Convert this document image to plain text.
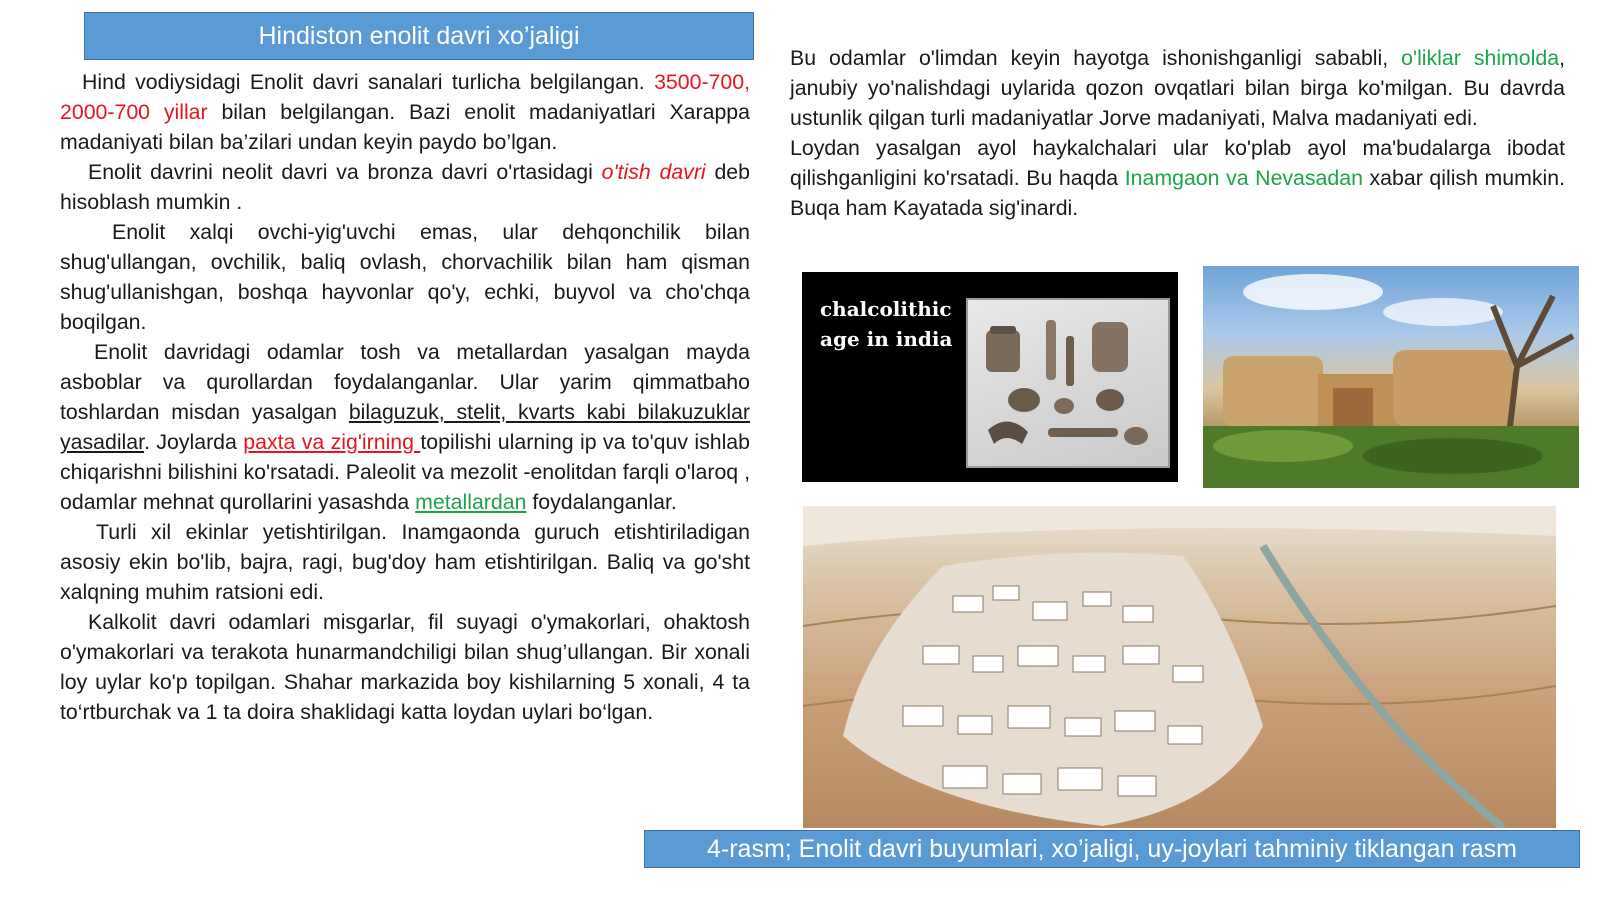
Hindiston enolit davri xo’jaligi

Hind vodiysidagi Enolit davri sanalari turlicha belgilangan. 3500-700, 2000-700 yillar bilan belgilangan. Bazi enolit madaniyatlari Xarappa madaniyati bilan ba’zilari undan keyin paydo bo’lgan.

Enolit davrini neolit davri va bronza davri o'rtasidagi o'tish davri deb hisoblash mumkin .

Enolit xalqi ovchi-yig'uvchi emas, ular dehqonchilik bilan shug'ullangan, ovchilik, baliq ovlash, chorvachilik bilan ham qisman shug'ullanishgan, boshqa hayvonlar qo'y, echki, buyvol va cho'chqa boqilgan.

Enolit davridagi odamlar tosh va metallardan yasalgan mayda asboblar va qurollardan foydalanganlar. Ular yarim qimmatbaho toshlardan misdan yasalgan bilaguzuk, stelit, kvarts kabi bilakuzuklar yasadilar. Joylarda paxta va zig'irning topilishi ularning ip va to'quv ishlab chiqarishni bilishini ko'rsatadi. Paleolit va mezolit -enolitdan farqli o'laroq , odamlar mehnat qurollarini yasashda metallardan foydalanganlar.

Turli xil ekinlar yetishtirilgan. Inamgaonda guruch etishtiriladigan asosiy ekin bo'lib, bajra, ragi, bug'doy ham etishtirilgan. Baliq va go'sht xalqning muhim ratsioni edi.

Kalkolit davri odamlari misgarlar, fil suyagi o'ymakorlari, ohaktosh o'ymakorlari va terakota hunarmandchiligi bilan shug’ullangan. Bir xonali loy uylar ko'p topilgan. Shahar markazida boy kishilarning 5 xonali, 4 ta to‘rtburchak va 1 ta doira shaklidagi katta loydan uylari bo‘lgan.

Bu odamlar o'limdan keyin hayotga ishonishganligi sababli, o'liklar shimolda, janubiy yo'nalishdagi uylarida qozon ovqatlari bilan birga ko'milgan. Bu davrda ustunlik qilgan turli madaniyatlar Jorve madaniyati, Malva madaniyati edi.

Loydan yasalgan ayol haykalchalari ular ko'plab ayol ma'budalarga ibodat qilishganligini ko'rsatadi. Bu haqda Inamgaon va Nevasadan xabar qilish mumkin. Buqa ham Kayatada sig'inardi.

chalcolithic
age in india
4-rasm; Enolit davri buyumlari, xo’jaligi, uy-joylari tahminiy tiklangan rasm
